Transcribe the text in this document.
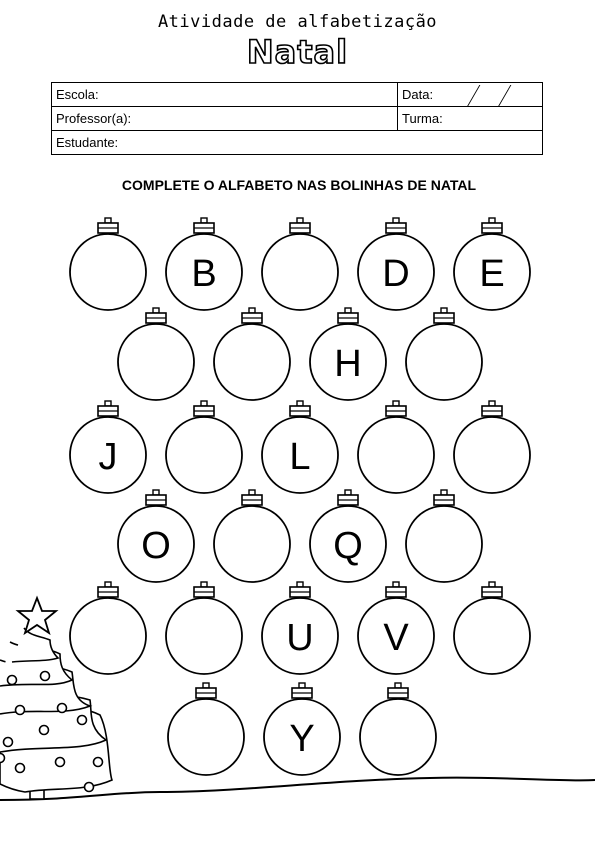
Atividade de alfabetização
Natal
Escola:	Data:

Professor(a):	Turma:
Estudante:	
COMPLETE O ALFABETO NAS BOLINHAS DE NATAL
B	D E
H
J	L
O	Q
U V
Y
